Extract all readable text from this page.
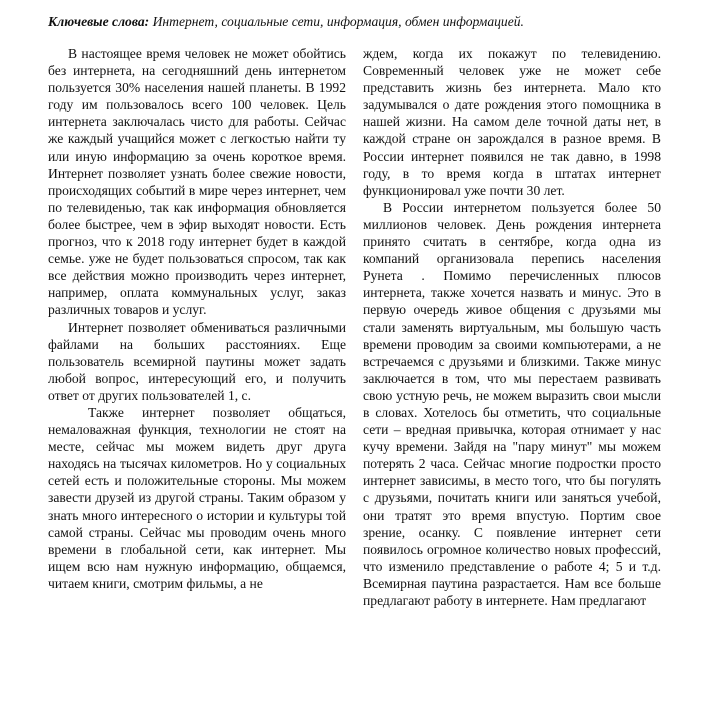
Ключевые слова: Интернет, социальные сети, информация, обмен информацией.

В настоящее время человек не может обойтись без интернета, на сегодняшний день интернетом пользуется 30% населения нашей планеты. В 1992 году им пользовалось всего 100 человек. Цель интернета заключалась чисто для работы. Сейчас же каждый учащийся может с легкостью найти ту или иную информацию за очень короткое время. Интернет позволяет узнать более свежие новости, происходящих событий в мире через интернет, чем по телевиденью, так как информация обновляется более быстрее, чем в эфир выходят новости. Есть прогноз, что к 2018 году интернет будет в каждой семье. уже не будет пользоваться спросом, так как все действия можно производить через интернет, например, оплата коммунальных услуг, заказ различных товаров и услуг.

Интернет позволяет обмениваться различными файлами на больших расстояниях. Еще пользователь всемирной паутины может задать любой вопрос, интересующий его, и получить ответ от других пользователей 1, с.

Также интернет позволяет общаться, немаловажная функция, технологии не стоят на месте, сейчас мы можем видеть друг друга находясь на тысячах километров. Но у социальных сетей есть и положительные стороны. Мы можем завести друзей из другой страны. Таким образом у знать много интересного о истории и культуры той самой страны. Сейчас мы проводим очень много времени в глобальной сети, как интернет. Мы ищем всю нам нужную информацию, общаемся, читаем книги, смотрим фильмы, а не

ждем, когда их покажут по телевидению. Современный человек уже не может себе представить жизнь без интернета. Мало кто задумывался о дате рождения этого помощника в нашей жизни. На самом деле точной даты нет, в каждой стране он зарождался в разное время. В России интернет появился не так давно, в 1998 году, в то время когда в штатах интернет функционировал уже почти 30 лет.

В России интернетом пользуется более 50 миллионов человек. День рождения интернета принято считать в сентябре, когда одна из компаний организовала перепись населения Рунета . Помимо перечисленных плюсов интернета, также хочется назвать и минус. Это в первую очередь живое общения с друзьями мы стали заменять виртуальным, мы большую часть времени проводим за своими компьютерами, а не встречаемся с друзьями и близкими. Также минус заключается в том, что мы перестаем развивать свою устную речь, не можем выразить свои мысли в словах. Хотелось бы отметить, что социальные сети – вредная привычка, которая отнимает у нас кучу времени. Зайдя на "пару минут" мы можем потерять 2 часа. Сейчас многие подростки просто интернет зависимы, в место того, что бы погулять с друзьями, почитать книги или заняться учебой, они тратят это время впустую. Портим свое зрение, осанку. С появление интернет сети появилось огромное количество новых профессий, что изменило представление о работе 4; 5 и т.д. Всемирная паутина разрастается. Нам все больше предлагают работу в интернете. Нам предлагают
